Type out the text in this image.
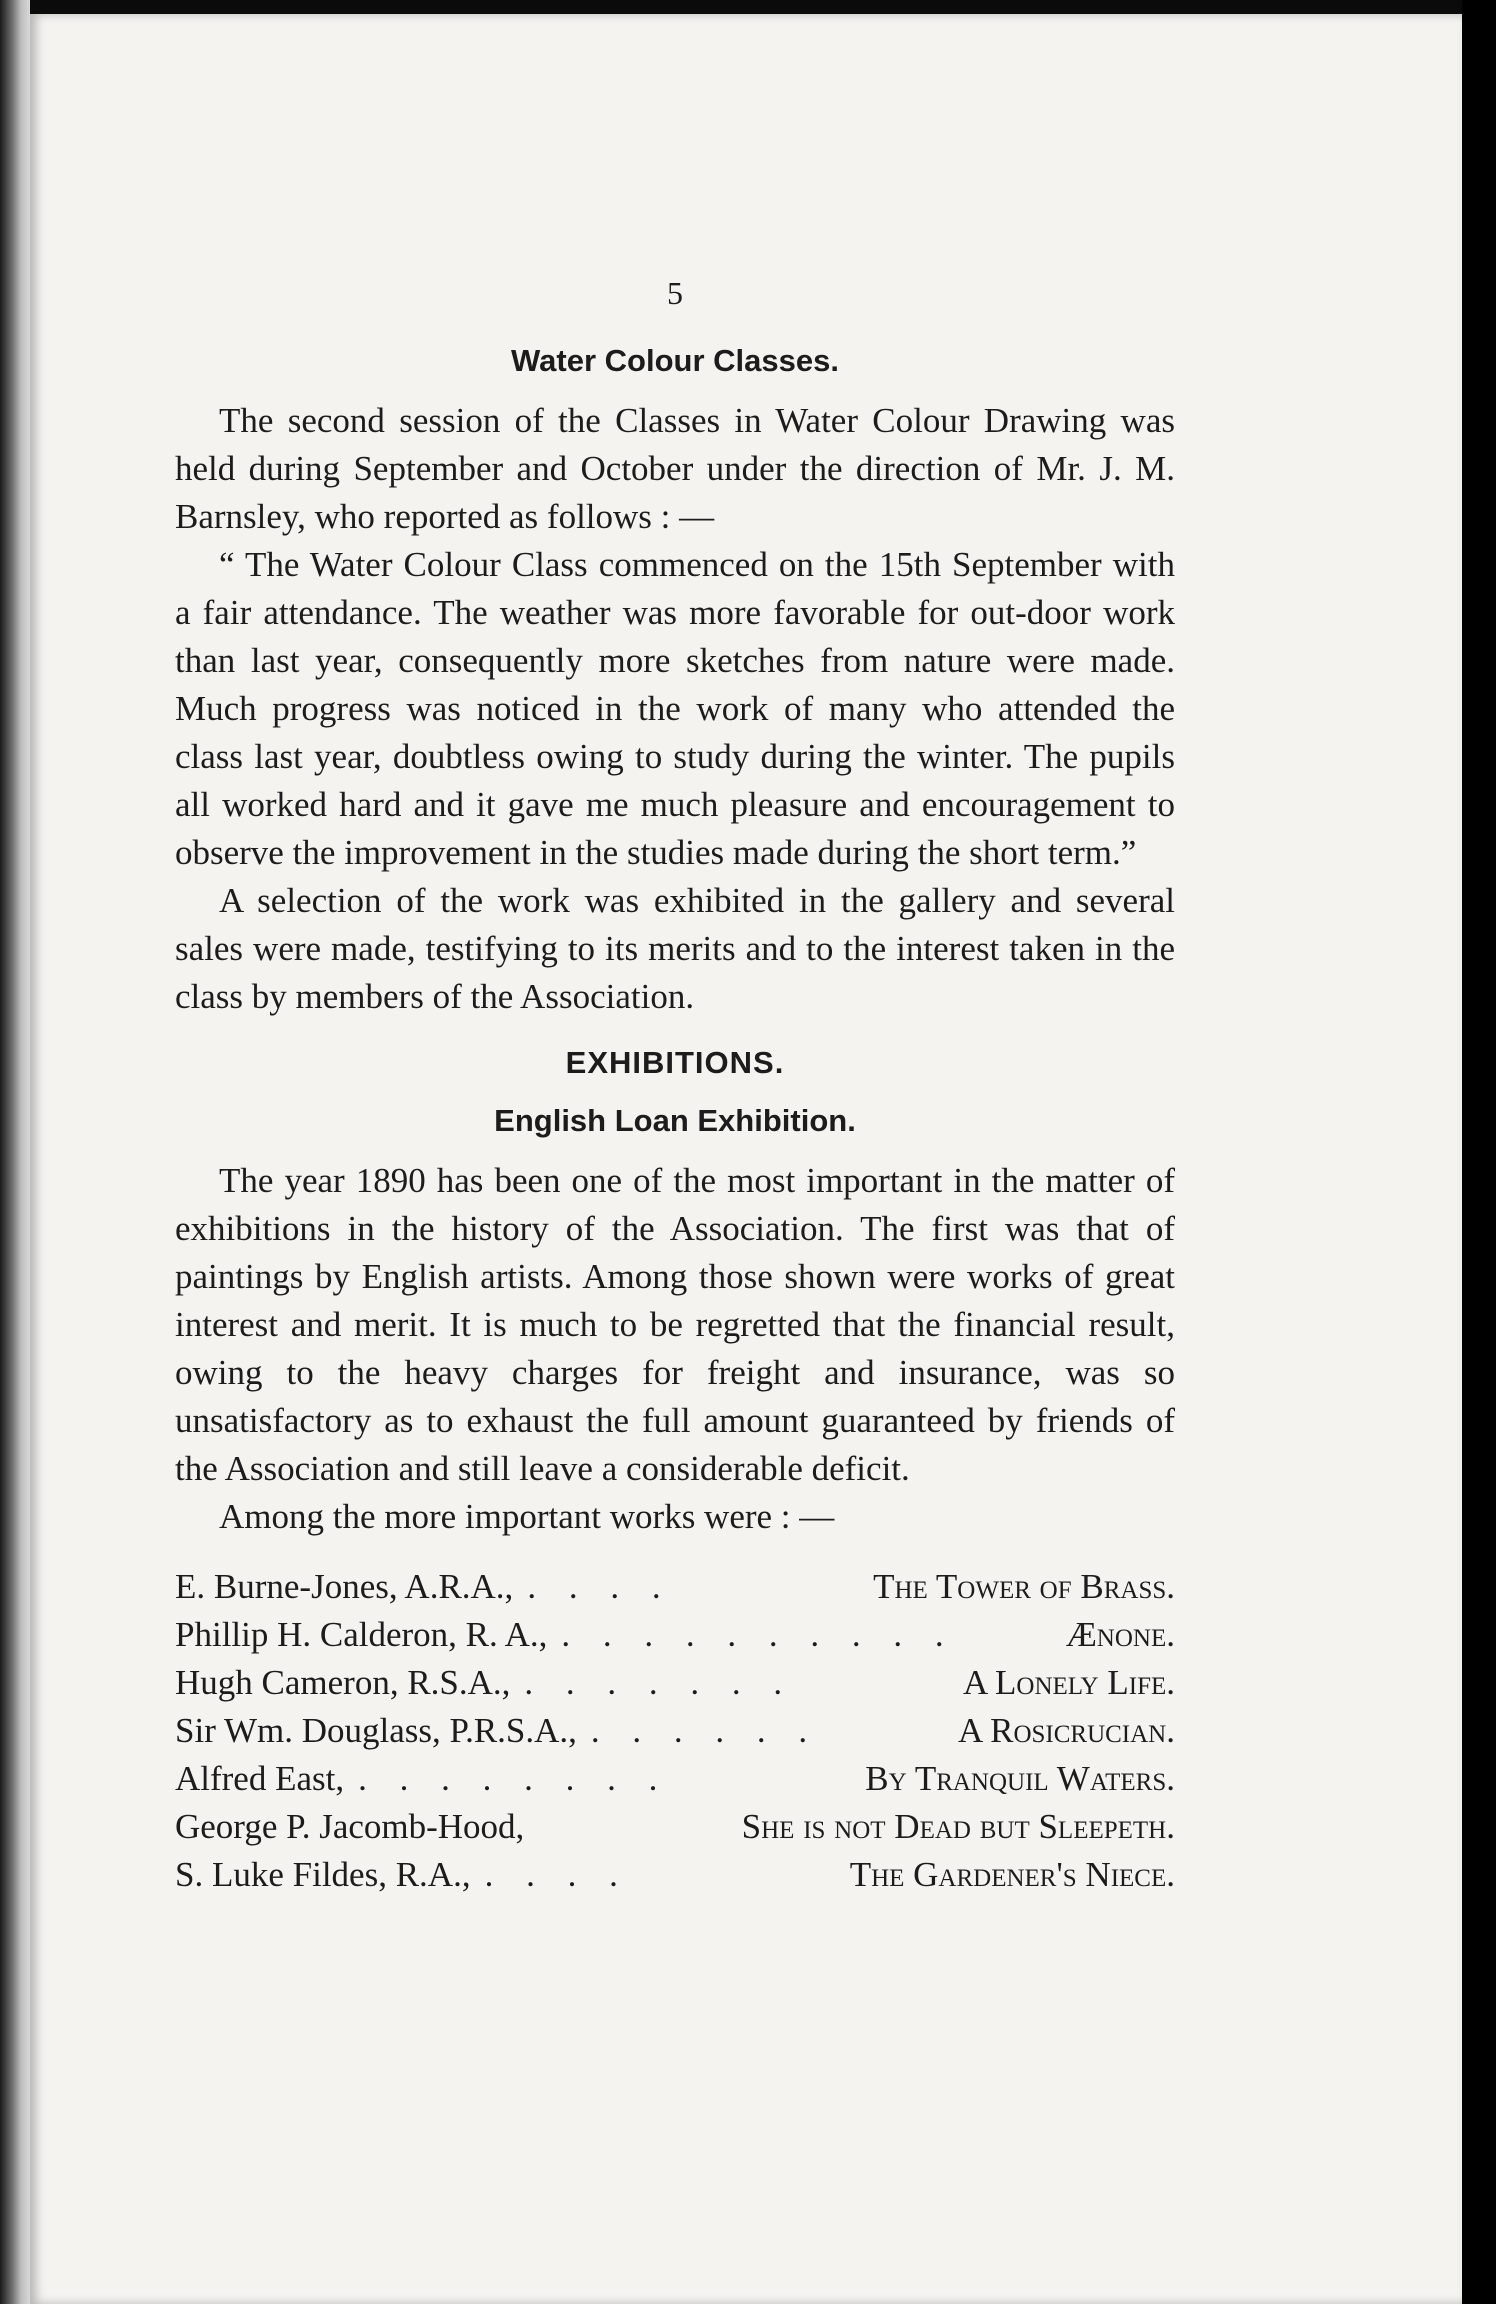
5
Water Colour Classes.

The second session of the Classes in Water Colour Drawing was held during September and October under the direction of Mr. J. M. Barnsley, who reported as follows : —

“ The Water Colour Class commenced on the 15th September with a fair attendance. The weather was more favorable for out-door work than last year, consequently more sketches from nature were made. Much progress was noticed in the work of many who attended the class last year, doubtless owing to study during the winter. The pupils all worked hard and it gave me much pleasure and encouragement to observe the improvement in the studies made during the short term.”

A selection of the work was exhibited in the gallery and several sales were made, testifying to its merits and to the interest taken in the class by members of the Association.

EXHIBITIONS.
English Loan Exhibition.

The year 1890 has been one of the most important in the matter of exhibitions in the history of the Association. The first was that of paintings by English artists. Among those shown were works of great interest and merit. It is much to be regretted that the financial result, owing to the heavy charges for freight and insurance, was so unsatisfactory as to exhaust the full amount guaranteed by friends of the Association and still leave a considerable deficit.

Among the more important works were : —

E. Burne-Jones, A.R.A., . . . .	The Tower of Brass.
Phillip H. Calderon, R. A., . . . . . . . . . .	Ænone.
Hugh Cameron, R.S.A., . . . . . . .	A Lonely Life.
Sir Wm. Douglass, P.R.S.A., . . . . . .	A Rosicrucian.
Alfred East, . . . . . . . .	By Tranquil Waters.
George P. Jacomb-Hood,	She is not Dead but Sleepeth.
S. Luke Fildes, R.A., . . . .	The Gardener's Niece.
